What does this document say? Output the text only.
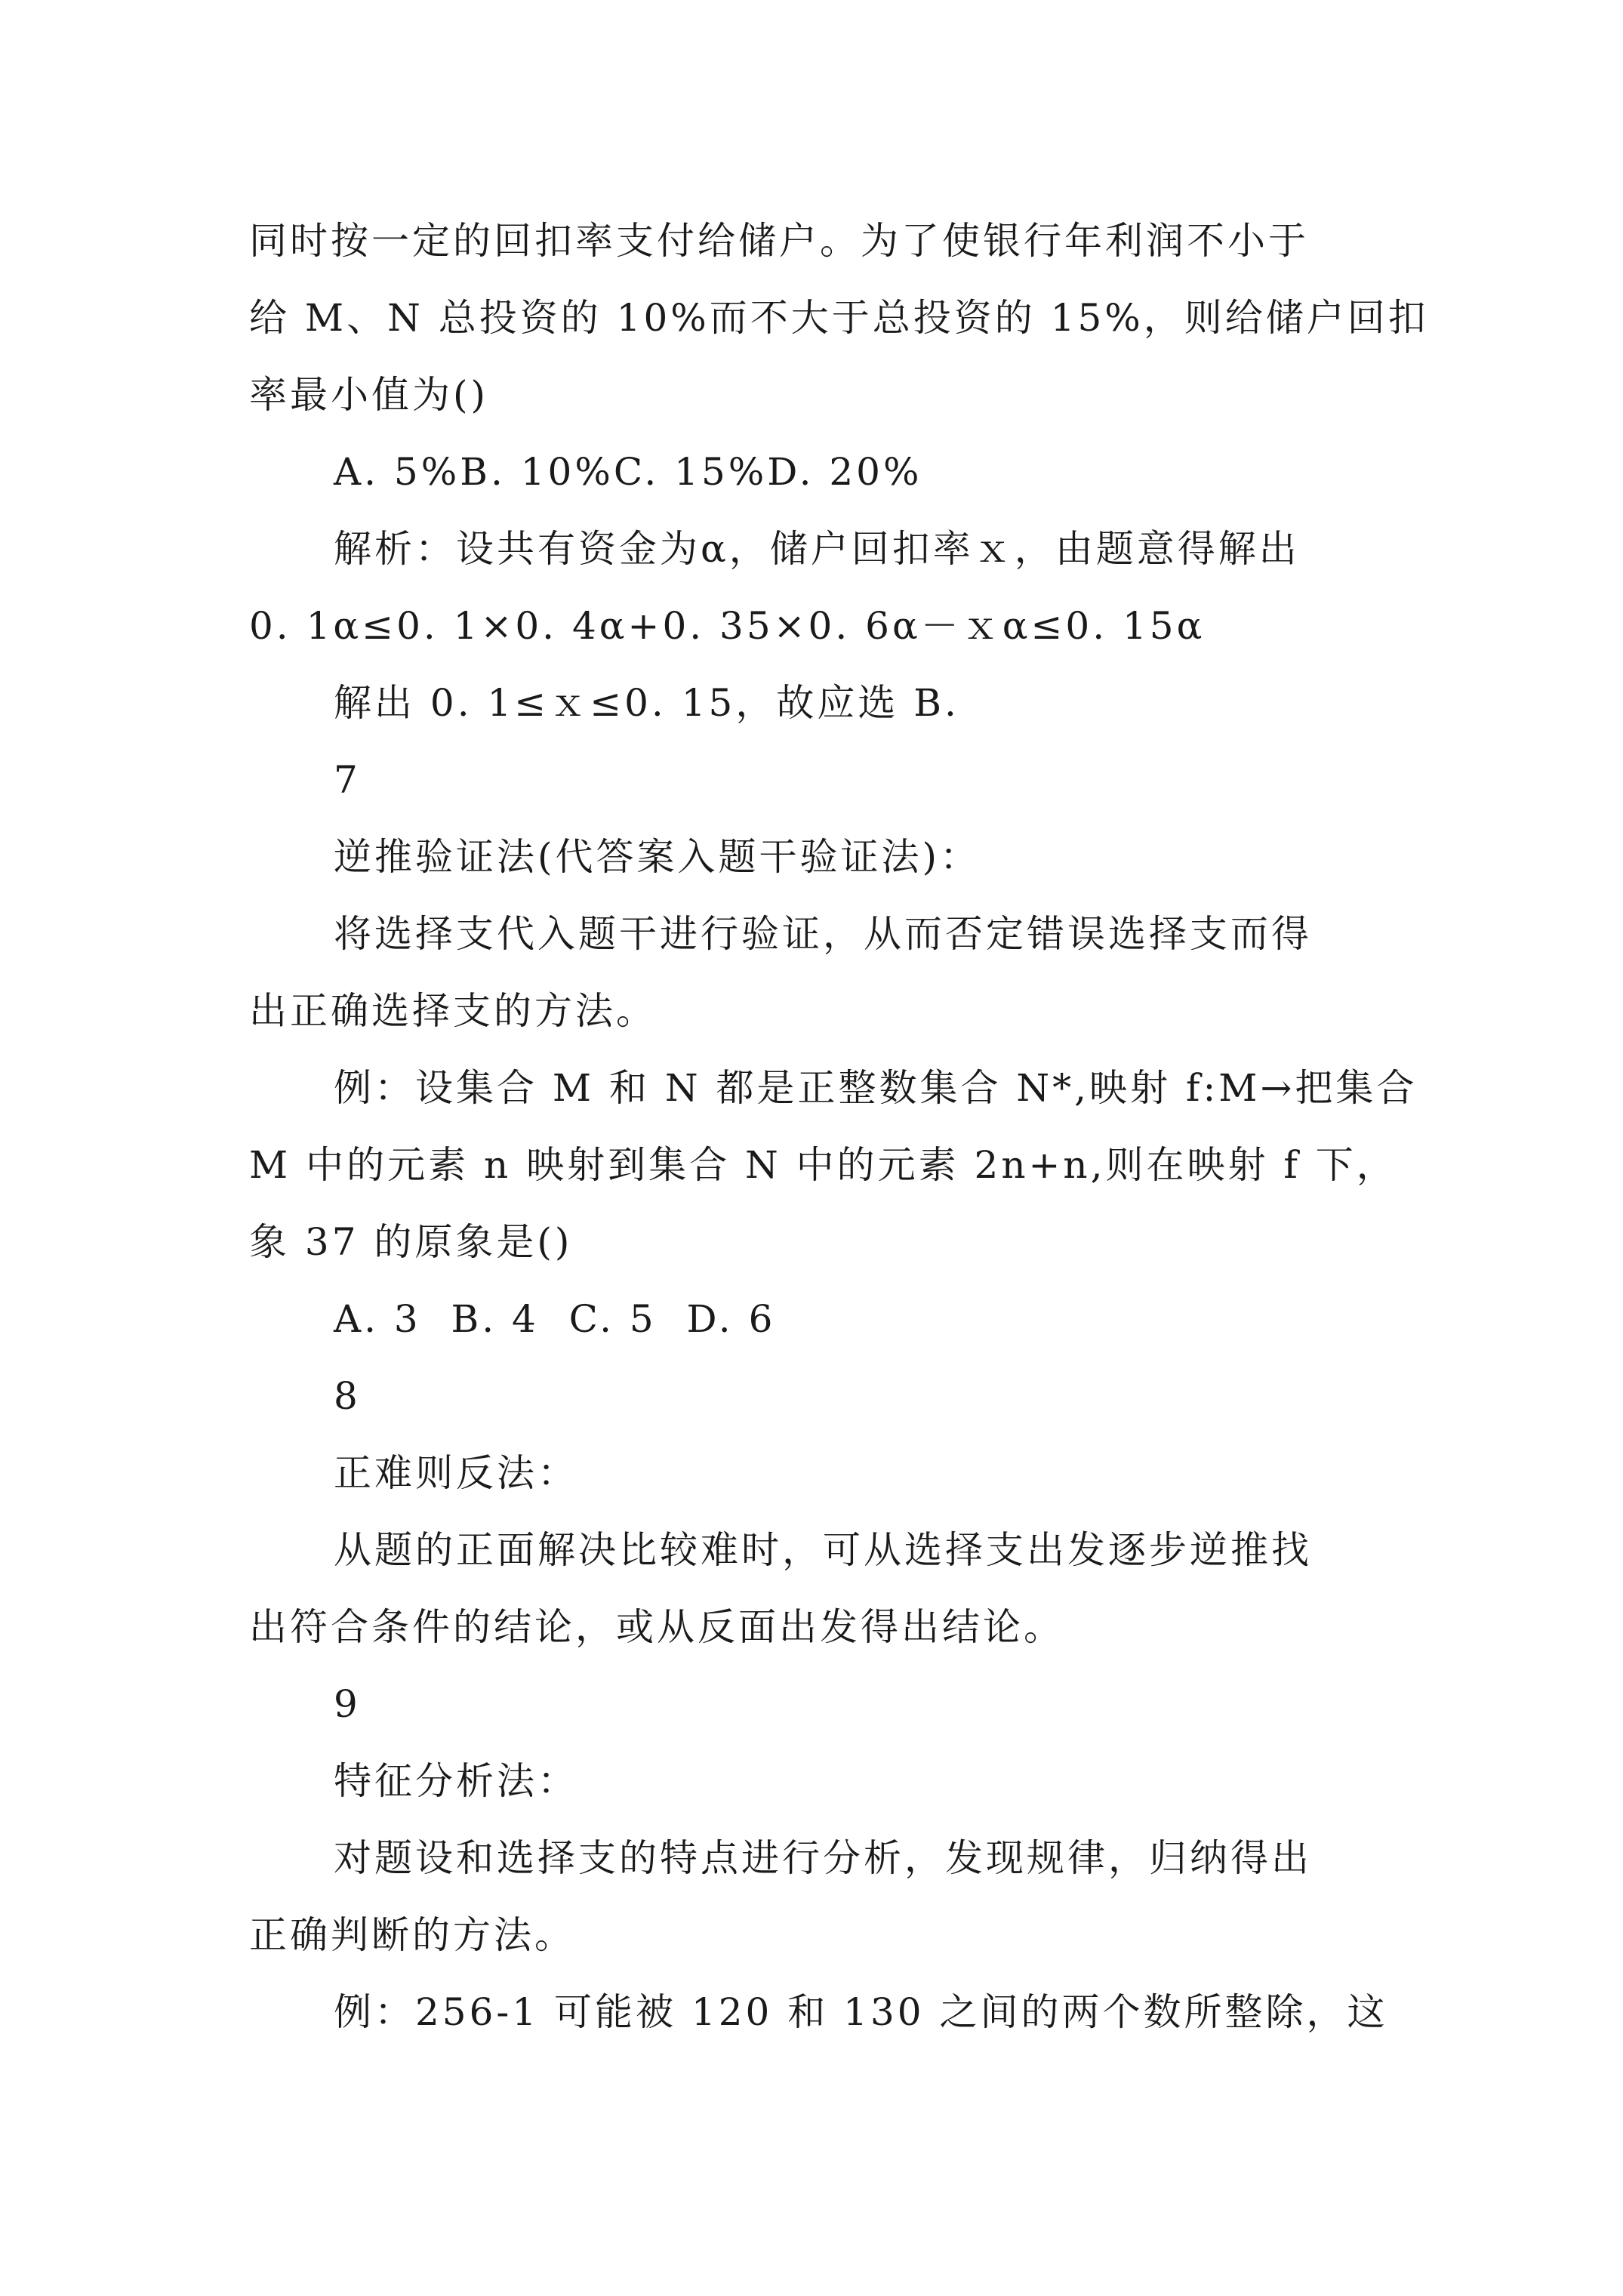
同时按一定的回扣率支付给储户。为了使银行年利润不小于
给 M、N 总投资的 10%而不大于总投资的 15%，则给储户回扣
率最小值为()
A. 5%B. 10%C. 15%D. 20%
解析：设共有资金为α，储户回扣率ｘ，由题意得解出
0. 1α≤0. 1×0. 4α+0. 35×0. 6α－ｘα≤0. 15α
解出 0. 1≤ｘ≤0. 15，故应选 B.
7
逆推验证法(代答案入题干验证法)：
将选择支代入题干进行验证，从而否定错误选择支而得
出正确选择支的方法。
例：设集合 M 和 N 都是正整数集合 N*,映射 f:M→把集合
M 中的元素 n 映射到集合 N 中的元素 2n+n,则在映射 f 下，
象 37 的原象是()
A. 3  B. 4  C. 5  D. 6
8
正难则反法：
从题的正面解决比较难时，可从选择支出发逐步逆推找
出符合条件的结论，或从反面出发得出结论。
9
特征分析法：
对题设和选择支的特点进行分析，发现规律，归纳得出
正确判断的方法。
例：256-1 可能被 120 和 130 之间的两个数所整除，这
